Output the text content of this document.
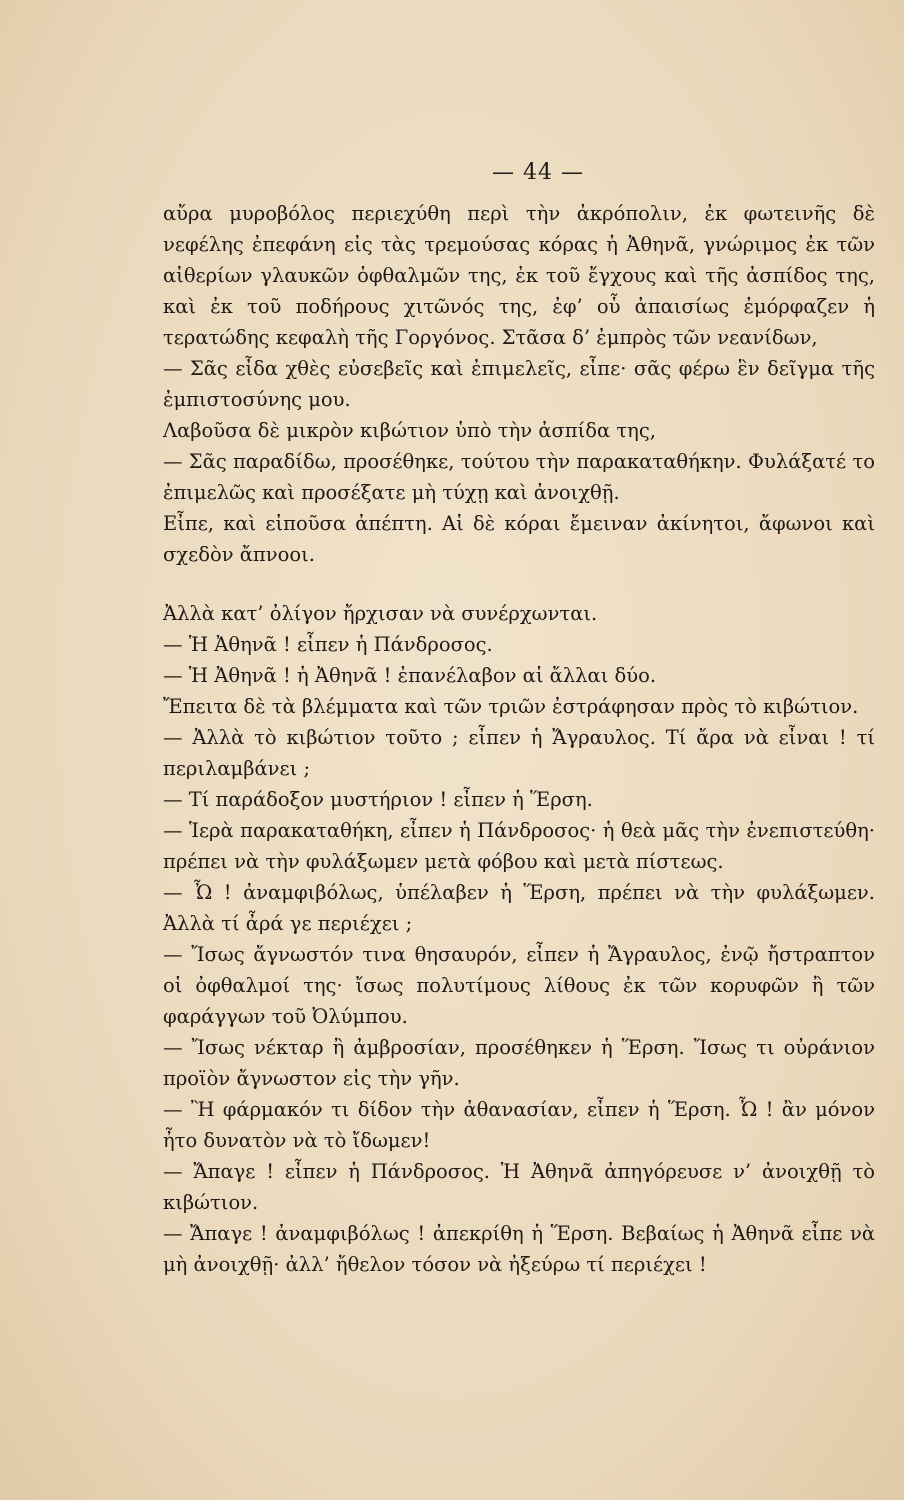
— 44 —

αὔρα μυροβόλος περιεχύθη περὶ τὴν ἀκρόπολιν, ἐκ φωτεινῆς δὲ νεφέλης ἐπεφάνη εἰς τὰς τρεμούσας κόρας ἡ Ἀθηνᾶ, γνώριμος ἐκ τῶν αἰθερίων γλαυκῶν ὀφθαλμῶν της, ἐκ τοῦ ἔγχους καὶ τῆς ἀσπίδος της, καὶ ἐκ τοῦ ποδήρους χιτῶνός της, ἐφ’ οὗ ἀπαισίως ἐμόρφαζεν ἡ τερατώδης κεφαλὴ τῆς Γοργόνος. Στᾶσα δ’ ἐμπρὸς τῶν νεανίδων,

— Σᾶς εἶδα χθὲς εὐσεβεῖς καὶ ἐπιμελεῖς, εἶπε· σᾶς φέρω ἓν δεῖγμα τῆς ἐμπιστοσύνης μου.

Λαβοῦσα δὲ μικρὸν κιβώτιον ὑπὸ τὴν ἀσπίδα της,

— Σᾶς παραδίδω, προσέθηκε, τούτου τὴν παρακαταθήκην. Φυλάξατέ το ἐπιμελῶς καὶ προσέξατε μὴ τύχῃ καὶ ἀνοιχθῇ.

Εἶπε, καὶ εἰποῦσα ἀπέπτη. Αἱ δὲ κόραι ἔμειναν ἀκίνητοι, ἄφωνοι καὶ σχεδὸν ἄπνοοι.

Ἀλλὰ κατ’ ὀλίγον ἤρχισαν νὰ συνέρχωνται.

— Ἡ Ἀθηνᾶ ! εἶπεν ἡ Πάνδροσος.

— Ἡ Ἀθηνᾶ ! ἡ Ἀθηνᾶ ! ἐπανέλαβον αἱ ἄλλαι δύο.

Ἔπειτα δὲ τὰ βλέμματα καὶ τῶν τριῶν ἐστράφησαν πρὸς τὸ κιβώτιον.

— Ἀλλὰ τὸ κιβώτιον τοῦτο ; εἶπεν ἡ Ἄγραυλος. Τί ἄρα νὰ εἶναι ! τί περιλαμβάνει ;

— Τί παράδοξον μυστήριον ! εἶπεν ἡ Ἕρση.

— Ἱερὰ παρακαταθήκη, εἶπεν ἡ Πάνδροσος· ἡ θεὰ μᾶς τὴν ἐνεπιστεύθη· πρέπει νὰ τὴν φυλάξωμεν μετὰ φόβου καὶ μετὰ πίστεως.

— Ὦ ! ἀναμφιβόλως, ὑπέλαβεν ἡ Ἕρση, πρέπει νὰ τὴν φυλάξωμεν. Ἀλλὰ τί ἆρά γε περιέχει ;

— Ἴσως ἄγνωστόν τινα θησαυρόν, εἶπεν ἡ Ἄγραυλος, ἐνῷ ἤστραπτον οἱ ὀφθαλμοί της· ἴσως πολυτίμους λίθους ἐκ τῶν κορυφῶν ἢ τῶν φαράγγων τοῦ Ὀλύμπου.

— Ἴσως νέκταρ ἢ ἀμβροσίαν, προσέθηκεν ἡ Ἕρση. Ἴσως τι οὐράνιον προϊὸν ἄγνωστον εἰς τὴν γῆν.

— Ἢ φάρμακόν τι δίδον τὴν ἀθανασίαν, εἶπεν ἡ Ἕρση. Ὦ ! ἂν μόνον ἦτο δυνατὸν νὰ τὸ ἴδωμεν!

— Ἄπαγε ! εἶπεν ἡ Πάνδροσος. Ἡ Ἀθηνᾶ ἀπηγόρευσε ν’ ἀνοιχθῇ τὸ κιβώτιον.

— Ἄπαγε ! ἀναμφιβόλως ! ἀπεκρίθη ἡ Ἕρση. Βεβαίως ἡ Ἀθηνᾶ εἶπε νὰ μὴ ἀνοιχθῇ· ἀλλ’ ἤθελον τόσον νὰ ἠξεύρω τί περιέχει !
